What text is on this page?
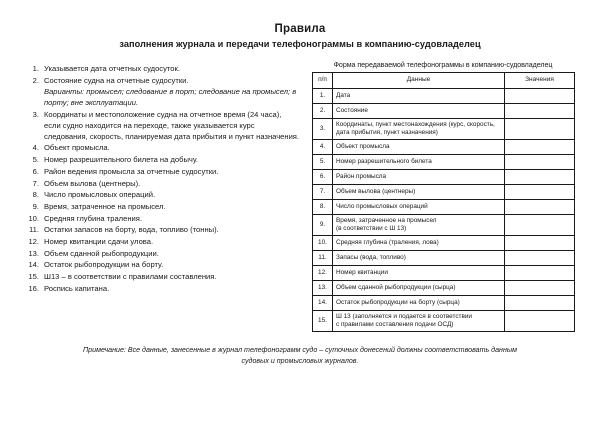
Правила
заполнения журнала и передачи телефонограммы в компанию-судовладелец
1. Указывается дата отчетных судосуток.
2. Состояние судна на отчетные судосутки.
Варианты: промысел; следование в порт; следование на промысел; в порту; вне эксплуатации.
3. Координаты и местоположение судна на отчетное время (24 часа), если судно находится на переходе, также указывается курс следования, скорость, планируемая дата прибытия и пункт назначения.
4. Объект промысла.
5. Номер разрешительного билета на добычу.
6. Район ведения промысла за отчетные судосутки.
7. Объем вылова (центнеры).
8. Число промысловых операций.
9. Время, затраченное на промысел.
10. Средняя глубина траления.
11. Остатки запасов на борту, вода, топливо (тонны).
12. Номер квитанции сдачи улова.
13. Объем сданной рыбопродукции.
14. Остаток рыбопродукции на борту.
15. Ш13 – в соответствии с правилами составления.
16. Роспись капитана.
Форма передаваемой телефонограммы в компанию-судовладелец
п/п	Данные	Значения
1.	Дата	

2.	Состояние	

3.	Координаты, пункт местонахождения (курс, скорость,
дата прибытия, пункт назначения)	

4.	Объект промысла	

5.	Номер разрешительного билета	

6.	Район промысла	

7.	Объем вылова (центнеры)	

8.	Число промысловых операций	

9.	Время, затраченное на промысел
(в соответствии с Ш 13)	

10.	Средняя глубина (траления, лова)	

11.	Запасы (вода, топливо)	

12.	Номер квитанции	

13.	Объем сданной рыбопродукции (сырца)	

14.	Остаток рыбопродукции на борту (сырца)	

15.	Ш 13 (заполняется и подается в соответствии
с правилами составления подачи ОСД)	

Примечание: Все данные, занесенные в журнал телефонограмм судо – суточных донесений должны соответствовать данным
судовых и промысловых журналов.
